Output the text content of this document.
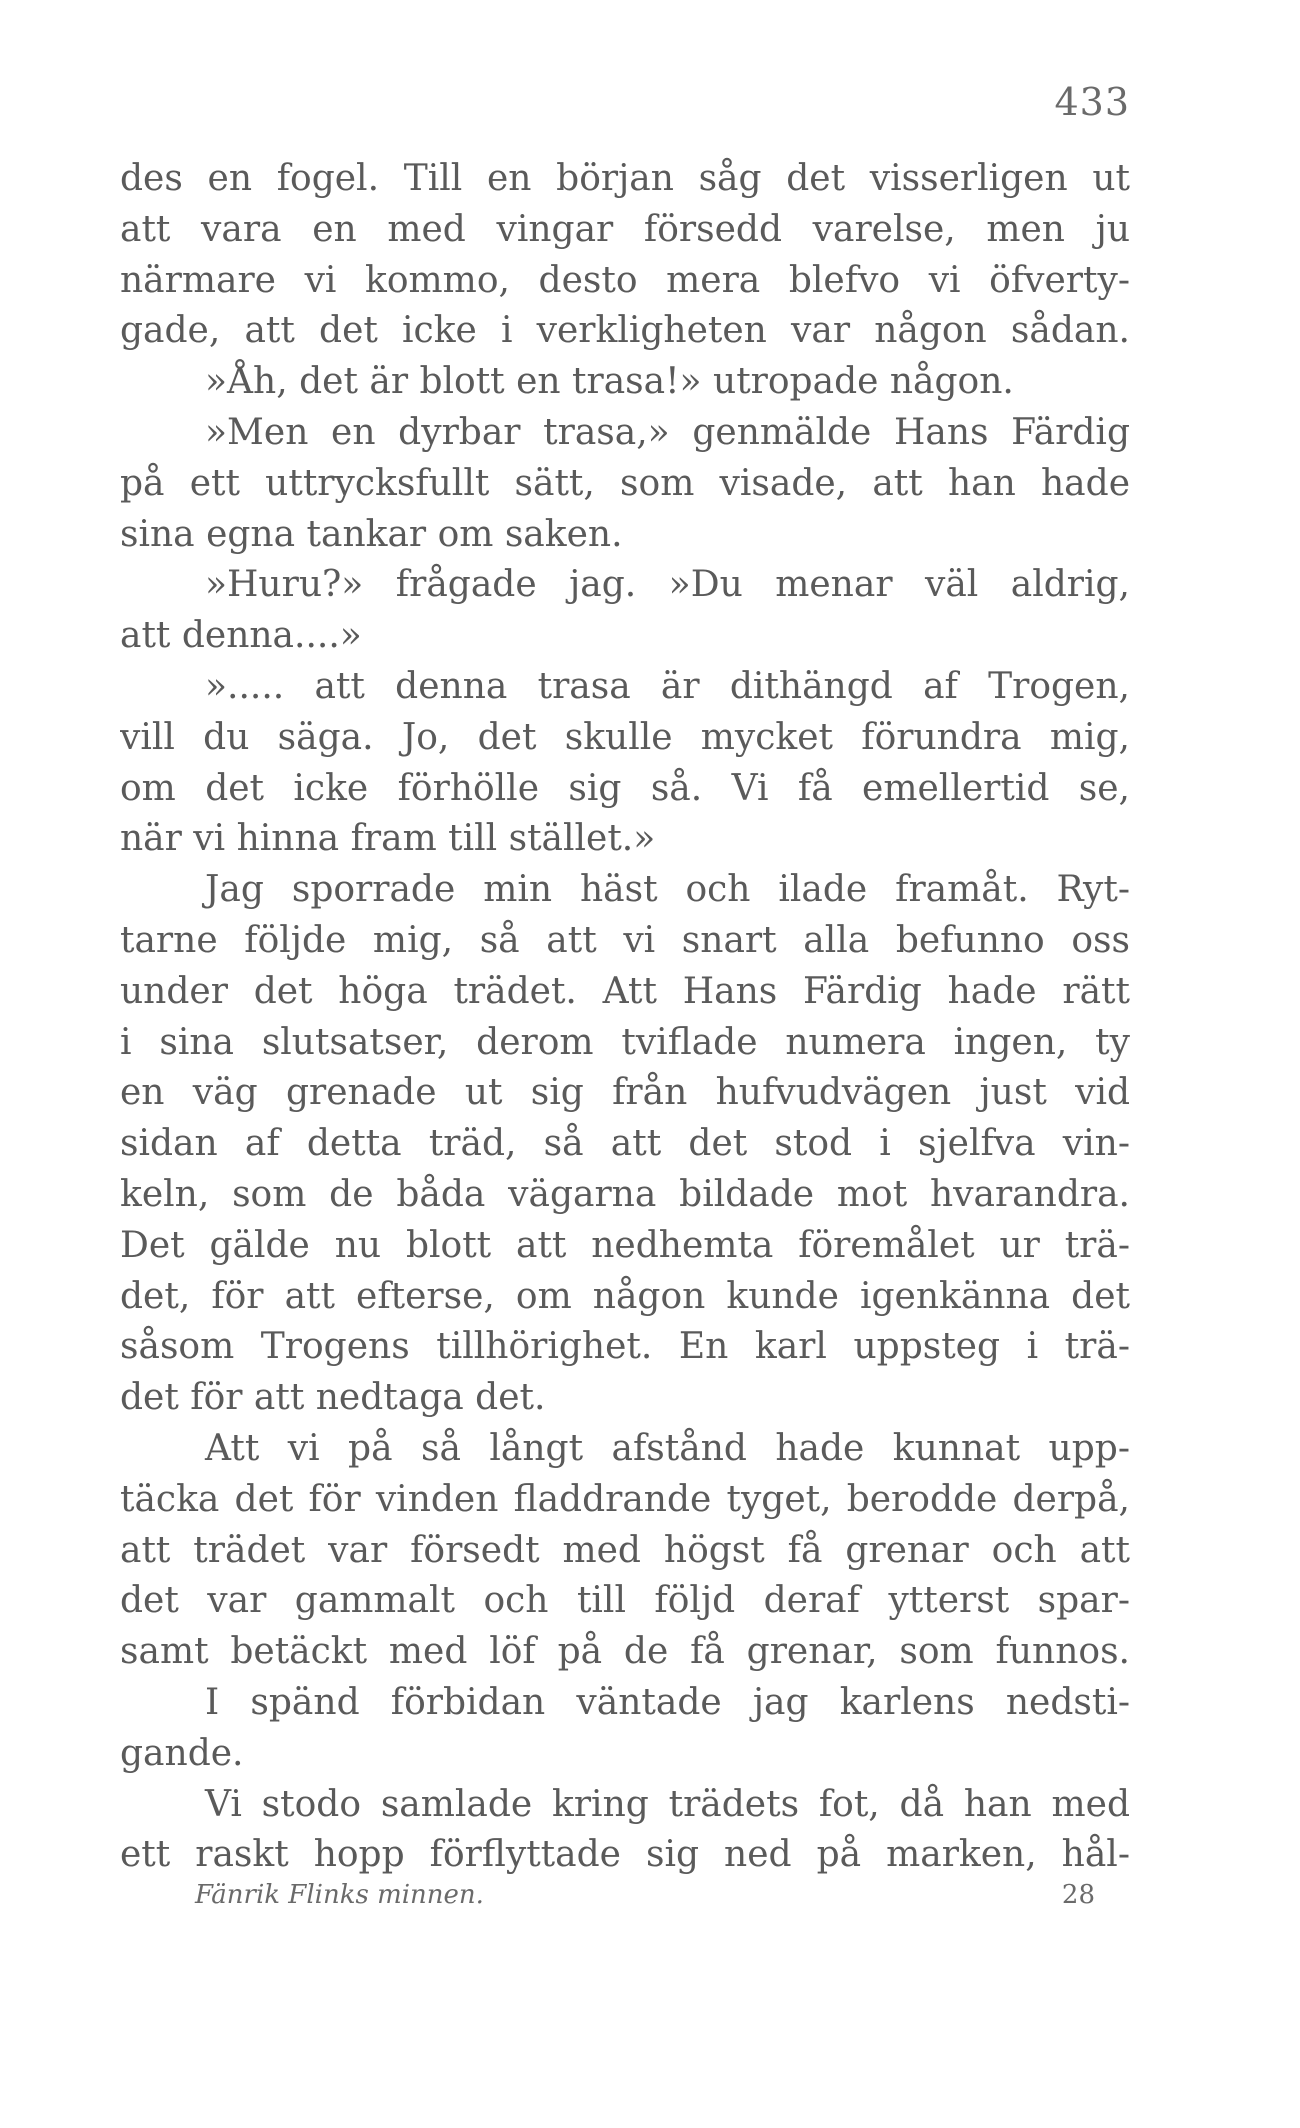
433
des en fogel. Till en början såg det visserligen ut
att vara en med vingar försedd varelse, men ju
närmare vi kommo, desto mera blefvo vi öfverty-
gade, att det icke i verkligheten var någon sådan.
»Åh, det är blott en trasa!» utropade någon.
»Men en dyrbar trasa,» genmälde Hans Färdig
på ett uttrycksfullt sätt, som visade, att han hade
sina egna tankar om saken.
»Huru?» frågade jag. »Du menar väl aldrig,
att denna....»
»..... att denna trasa är dithängd af Trogen,
vill du säga. Jo, det skulle mycket förundra mig,
om det icke förhölle sig så. Vi få emellertid se,
när vi hinna fram till stället.»
Jag sporrade min häst och ilade framåt. Ryt-
tarne följde mig, så att vi snart alla befunno oss
under det höga trädet. Att Hans Färdig hade rätt
i sina slutsatser, derom tviflade numera ingen, ty
en väg grenade ut sig från hufvudvägen just vid
sidan af detta träd, så att det stod i sjelfva vin-
keln, som de båda vägarna bildade mot hvarandra.
Det gälde nu blott att nedhemta föremålet ur trä-
det, för att efterse, om någon kunde igenkänna det
såsom Trogens tillhörighet. En karl uppsteg i trä-
det för att nedtaga det.
Att vi på så långt afstånd hade kunnat upp-
täcka det för vinden fladdrande tyget, berodde derpå,
att trädet var försedt med högst få grenar och att
det var gammalt och till följd deraf ytterst spar-
samt betäckt med löf på de få grenar, som funnos.
I spänd förbidan väntade jag karlens nedsti-
gande.
Vi stodo samlade kring trädets fot, då han med
ett raskt hopp förflyttade sig ned på marken, hål-
Fänrik Flinks minnen.	28
